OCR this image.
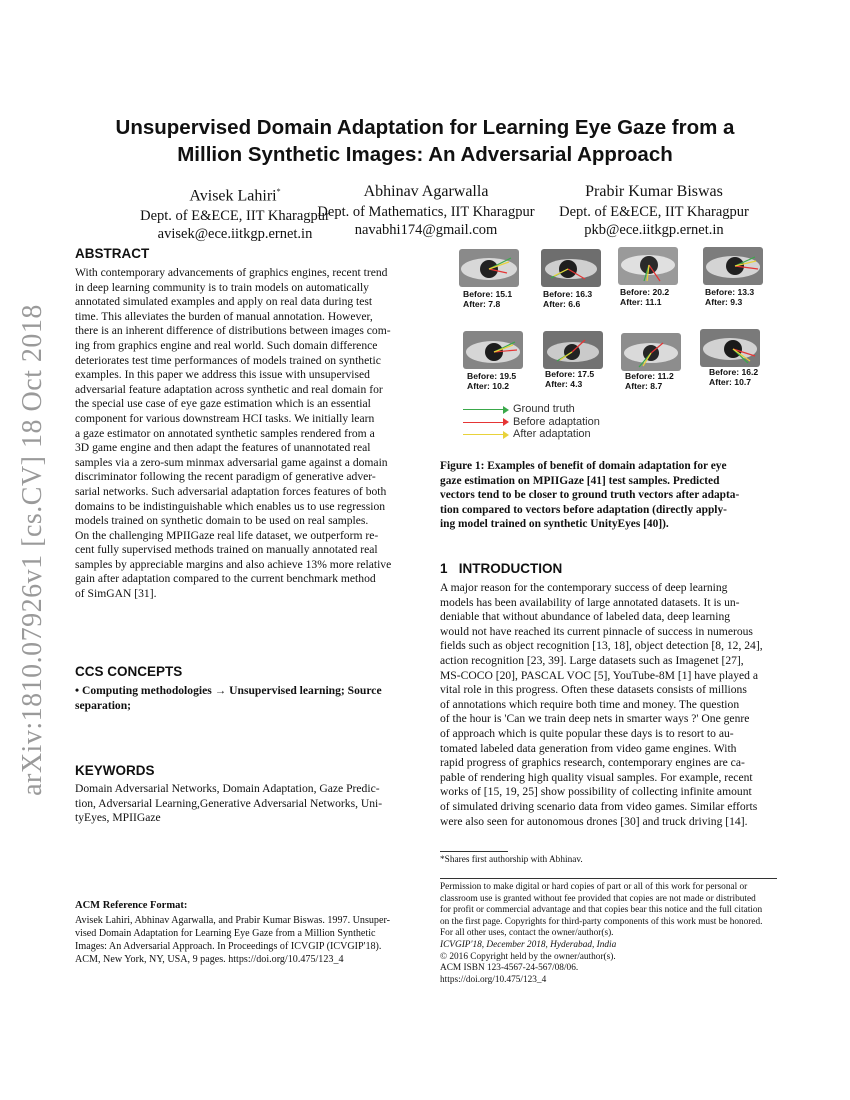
Unsupervised Domain Adaptation for Learning Eye Gaze from a
Million Synthetic Images: An Adversarial Approach
Avisek Lahiri*
Dept. of E&ECE, IIT Kharagpur
avisek@ece.iitkgp.ernet.in
Abhinav Agarwalla
Dept. of Mathematics, IIT Kharagpur
navabhi174@gmail.com
Prabir Kumar Biswas
Dept. of E&ECE, IIT Kharagpur
pkb@ece.iitkgp.ernet.in
arXiv:1810.07926v1 [cs.CV] 18 Oct 2018
ABSTRACT
With contemporary advancements of graphics engines, recent trend
in deep learning community is to train models on automatically
annotated simulated examples and apply on real data during test
time. This alleviates the burden of manual annotation. However,
there is an inherent difference of distributions between images com-
ing from graphics engine and real world. Such domain difference
deteriorates test time performances of models trained on synthetic
examples. In this paper we address this issue with unsupervised
adversarial feature adaptation across synthetic and real domain for
the special use case of eye gaze estimation which is an essential
component for various downstream HCI tasks. We initially learn
a gaze estimator on annotated synthetic samples rendered from a
3D game engine and then adapt the features of unannotated real
samples via a zero-sum minmax adversarial game against a domain
discriminator following the recent paradigm of generative adver-
sarial networks. Such adversarial adaptation forces features of both
domains to be indistinguishable which enables us to use regression
models trained on synthetic domain to be used on real samples.
On the challenging MPIIGaze real life dataset, we outperform re-
cent fully supervised methods trained on manually annotated real
samples by appreciable margins and also achieve 13% more relative
gain after adaptation compared to the current benchmark method
of SimGAN [31].
CCS CONCEPTS
• Computing methodologies → Unsupervised learning; Source
separation;
KEYWORDS
Domain Adversarial Networks, Domain Adaptation, Gaze Predic-
tion, Adversarial Learning,Generative Adversarial Networks, Uni-
tyEyes, MPIIGaze
ACM Reference Format:
Avisek Lahiri, Abhinav Agarwalla, and Prabir Kumar Biswas. 1997. Unsuper-
vised Domain Adaptation for Learning Eye Gaze from a Million Synthetic
Images: An Adversarial Approach. In Proceedings of ICVGIP (ICVGIP'18).
ACM, New York, NY, USA, 9 pages. https://doi.org/10.475/123_4
Before: 15.1
After: 7.8
Before: 16.3
After: 6.6
Before: 20.2
After: 11.1
Before: 13.3
After: 9.3
Before: 19.5
After: 10.2
Before: 17.5
After: 4.3
Before: 11.2
After: 8.7
Before: 16.2
After: 10.7
Ground truth
Before adaptation
After adaptation
Figure 1: Examples of benefit of domain adaptation for eye
gaze estimation on MPIIGaze [41] test samples. Predicted
vectors tend to be closer to ground truth vectors after adapta-
tion compared to vectors before adaptation (directly apply-
ing model trained on synthetic UnityEyes [40]).
1 INTRODUCTION
A major reason for the contemporary success of deep learning
models has been availability of large annotated datasets. It is un-
deniable that without abundance of labeled data, deep learning
would not have reached its current pinnacle of success in numerous
fields such as object recognition [13, 18], object detection [8, 12, 24],
action recognition [23, 39]. Large datasets such as Imagenet [27],
MS-COCO [20], PASCAL VOC [5], YouTube-8M [1] have played a
vital role in this progress. Often these datasets consists of millions
of annotations which require both time and money. The question
of the hour is 'Can we train deep nets in smarter ways ?' One genre
of approach which is quite popular these days is to resort to au-
tomated labeled data generation from video game engines. With
rapid progress of graphics research, contemporary engines are ca-
pable of rendering high quality visual samples. For example, recent
works of [15, 19, 25] show possibility of collecting infinite amount
of simulated driving scenario data from video games. Similar efforts
were also seen for autonomous drones [30] and truck driving [14].
*Shares first authorship with Abhinav.
Permission to make digital or hard copies of part or all of this work for personal or
classroom use is granted without fee provided that copies are not made or distributed
for profit or commercial advantage and that copies bear this notice and the full citation
on the first page. Copyrights for third-party components of this work must be honored.
For all other uses, contact the owner/author(s).
ICVGIP'18, December 2018, Hyderabad, India
© 2016 Copyright held by the owner/author(s).
ACM ISBN 123-4567-24-567/08/06.
https://doi.org/10.475/123_4
